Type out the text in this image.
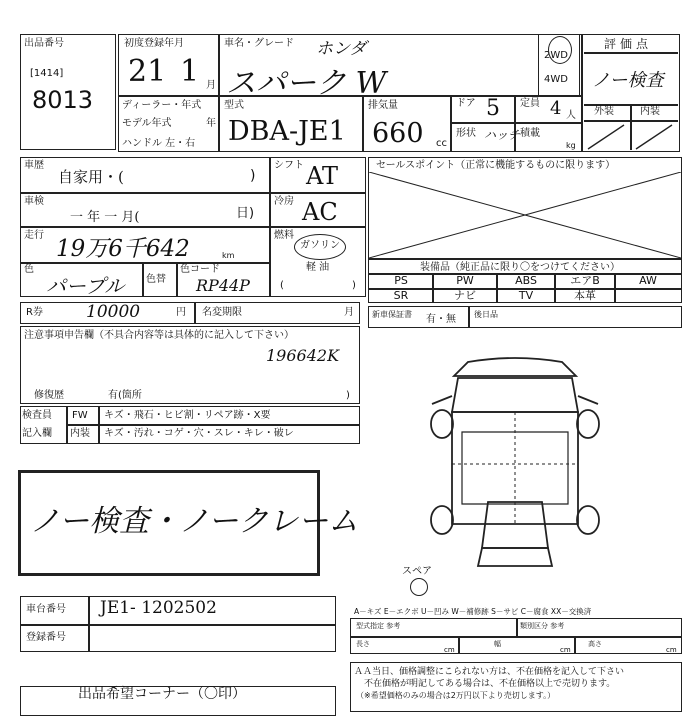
出品番号
[1414]
8013
初度登録年月
21 1 月
車名・グレード ホンダ
スパーク W
2WD
4WD
評価点
ノー検査
外装	内装
ディーラー・年式
モデル年式	年
ハンドル 左・右
型式
DBA-JE1
排気量
660 cc
ドア 5 定員 4 人
形状 ハッチ 積載
kg
車歴
自家用・(	)
車検
一 年 一 月(	日)
走行
19万6千642	km
色
パープル 色替
色コード
RP44P
R券	10000	円 名変期限	月
注意事項申告欄（不具合内容等は具体的に記入して下さい）
196642K
修復歴	有(箇所	)
検査員
記入欄
FW キズ・飛石・ヒビ割・リペア跡・X要
内装 キズ・汚れ・コゲ・穴・スレ・キレ・破レ
ノー検査・ノークレーム
車台番号 JE1- 1202502
登録番号
出品希望コーナー（〇印）
シフト AT
冷房 AC
燃料
ガソリン
軽 油
(	)
セールスポイント（正常に機能するものに限ります）
装備品（純正品に限り〇をつけてください）
PS	PW	ABS	エアB	AW
SR	ナビ	TV	本革
新車保証書 有・無 後日品
スペア
A－キズ E－エクボ U－凹み W－補修跡 S－サビ C－腐食 XX－交換済
型式指定 参考	類別区分 参考
長さ
cm
幅
cm
高さ
cm
ＡＡ当日、価格調整にこられない方は、不在価格を記入して下さい
不在価格が明記してある場合は、不在価格以上で売切ります。
（※希望価格のみの場合は2万円以下より売切します。）
